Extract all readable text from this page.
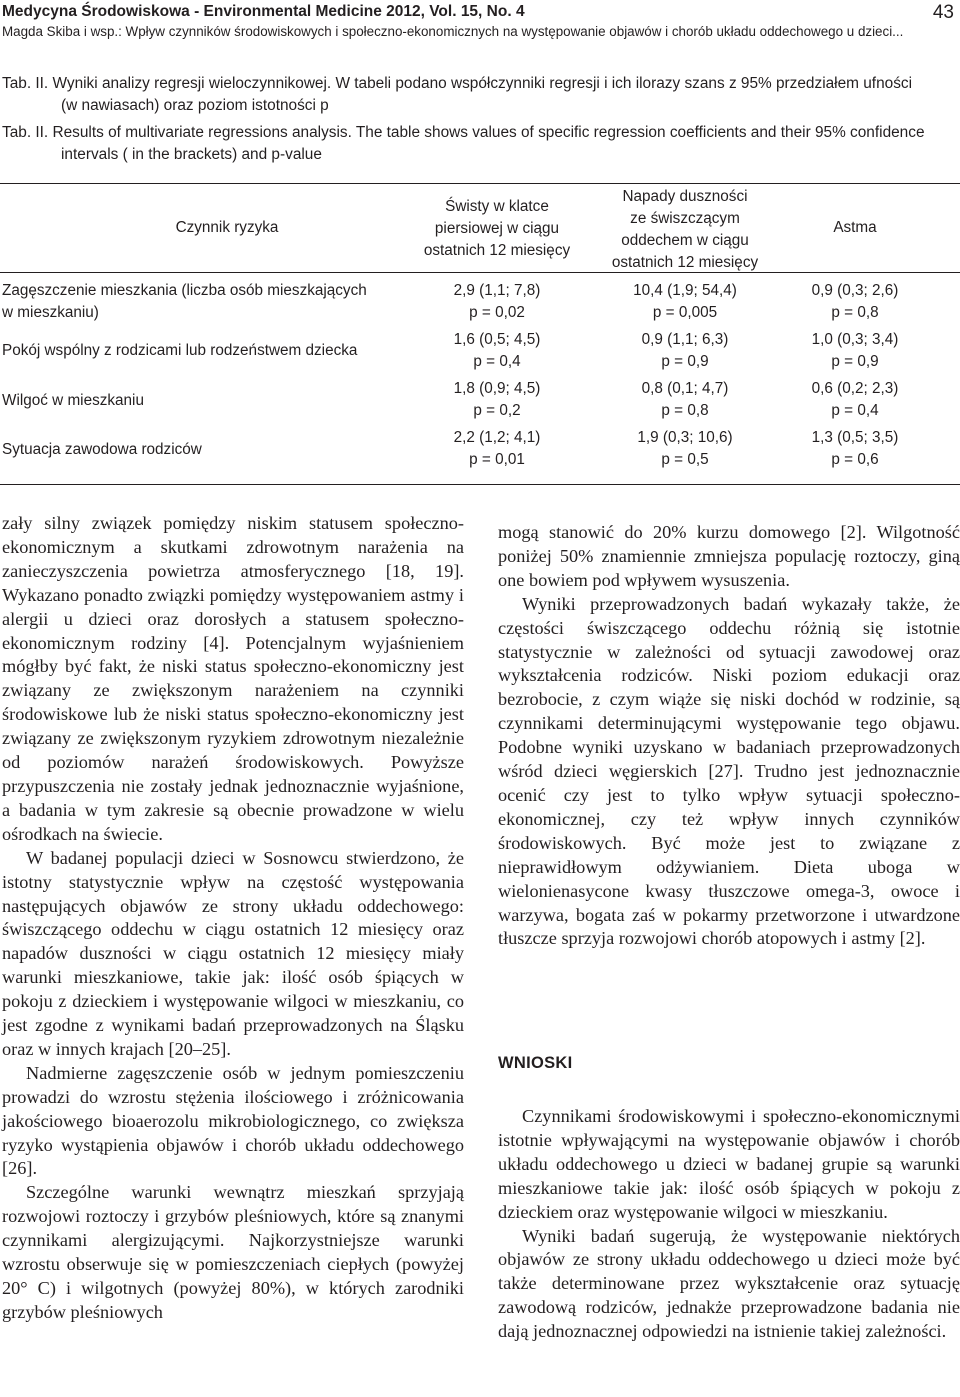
Medycyna Środowiskowa - Environmental Medicine 2012, Vol. 15, No. 4
Magda Skiba i wsp.: Wpływ czynników środowiskowych i społeczno-ekonomicznych na występowanie objawów i chorób układu oddechowego u dzieci...
43
Tab. II. Wyniki analizy regresji wieloczynnikowej. W tabeli podano współczynniki regresji i ich ilorazy szans z 95% przedziałem ufności
(w nawiasach) oraz poziom istotności p
Tab. II. Results of multivariate regressions analysis. The table shows values of specific regression coefficients and their 95% confidence
intervals ( in the brackets) and p-value
Czynnik ryzyka
Świsty w klatce
piersiowej w ciągu
ostatnich 12 miesięcy
Napady duszności
ze świszczącym
oddechem w ciągu
ostatnich 12 miesięcy
Astma
Zagęszczenie mieszkania (liczba osób mieszkających
w mieszkaniu)
2,9 (1,1; 7,8)
p = 0,02
10,4 (1,9; 54,4)
p = 0,005
0,9 (0,3; 2,6)
p = 0,8
Pokój wspólny z rodzicami lub rodzeństwem dziecka
1,6 (0,5; 4,5)
p = 0,4
0,9 (1,1; 6,3)
p = 0,9
1,0 (0,3; 3,4)
p = 0,9
Wilgoć w mieszkaniu
1,8 (0,9; 4,5)
p = 0,2
0,8 (0,1; 4,7)
p = 0,8
0,6 (0,2; 2,3)
p = 0,4
Sytuacja zawodowa rodziców
2,2 (1,2; 4,1)
p = 0,01
1,9 (0,3; 10,6)
p = 0,5
1,3 (0,5; 3,5)
p = 0,6

zały silny związek pomiędzy niskim statusem społeczno-ekonomicznym a skutkami zdrowotnym narażenia na zanieczyszczenia powietrza atmosferycznego [18, 19]. Wykazano ponadto związki pomiędzy występowaniem astmy i alergii u dzieci oraz dorosłych a statusem społeczno-ekonomicznym rodziny [4]. Potencjalnym wyjaśnieniem mógłby być fakt, że niski status społeczno-ekonomiczny jest związany ze zwiększonym narażeniem na czynniki środowiskowe lub że niski status społeczno-ekonomiczny jest związany ze zwiększonym ryzykiem zdrowotnym niezależnie od poziomów narażeń środowiskowych. Powyższe przypuszczenia nie zostały jednak jednoznacznie wyjaśnione, a badania w tym zakresie są obecnie prowadzone w wielu ośrodkach na świecie.

W badanej populacji dzieci w Sosnowcu stwierdzono, że istotny statystycznie wpływ na częstość występowania następujących objawów ze strony układu oddechowego: świszczącego oddechu w ciągu ostatnich 12 miesięcy oraz napadów duszności w ciągu ostatnich 12 miesięcy miały warunki mieszkaniowe, takie jak: ilość osób śpiących w pokoju z dzieckiem i występowanie wilgoci w mieszkaniu, co jest zgodne z wynikami badań przeprowadzonych na Śląsku oraz w innych krajach [20–25].

Nadmierne zagęszczenie osób w jednym pomieszczeniu prowadzi do wzrostu stężenia ilościowego i zróżnicowania jakościowego bioaerozolu mikrobiologicznego, co zwiększa ryzyko wystąpienia objawów i chorób układu oddechowego [26].

Szczególne warunki wewnątrz mieszkań sprzyjają rozwojowi roztoczy i grzybów pleśniowych, które są znanymi czynnikami alergizującymi. Najkorzystniejsze warunki wzrostu obserwuje się w pomieszczeniach ciepłych (powyżej 20° C) i wilgotnych (powyżej 80%), w których zarodniki grzybów pleśniowych

mogą stanowić do 20% kurzu domowego [2]. Wilgotność poniżej 50% znamiennie zmniejsza populację roztoczy, giną one bowiem pod wpływem wysuszenia.

Wyniki przeprowadzonych badań wykazały także, że częstości świszczącego oddechu różnią się istotnie statystycznie w zależności od sytuacji zawodowej oraz wykształcenia rodziców. Niski poziom edukacji oraz bezrobocie, z czym wiąże się niski dochód w rodzinie, są czynnikami determinującymi występowanie tego objawu. Podobne wyniki uzyskano w badaniach przeprowadzonych wśród dzieci węgierskich [27]. Trudno jest jednoznacznie ocenić czy jest to tylko wpływ sytuacji społeczno-ekonomicznej, czy też wpływ innych czynników środowiskowych. Być może jest to związane z nieprawidłowym odżywianiem. Dieta uboga w wielonienasycone kwasy tłuszczowe omega-3, owoce i warzywa, bogata zaś w pokarmy przetworzone i utwardzone tłuszcze sprzyja rozwojowi chorób atopowych i astmy [2].

WNIOSKI

Czynnikami środowiskowymi i społeczno-ekonomicznymi istotnie wpływającymi na występowanie objawów i chorób układu oddechowego u dzieci w badanej grupie są warunki mieszkaniowe takie jak: ilość osób śpiących w pokoju z dzieckiem oraz występowanie wilgoci w mieszkaniu.

Wyniki badań sugerują, że występowanie niektórych objawów ze strony układu oddechowego u dzieci może być także determinowane przez wykształcenie oraz sytuację zawodową rodziców, jednakże przeprowadzone badania nie dają jednoznacznej odpowiedzi na istnienie takiej zależności.
